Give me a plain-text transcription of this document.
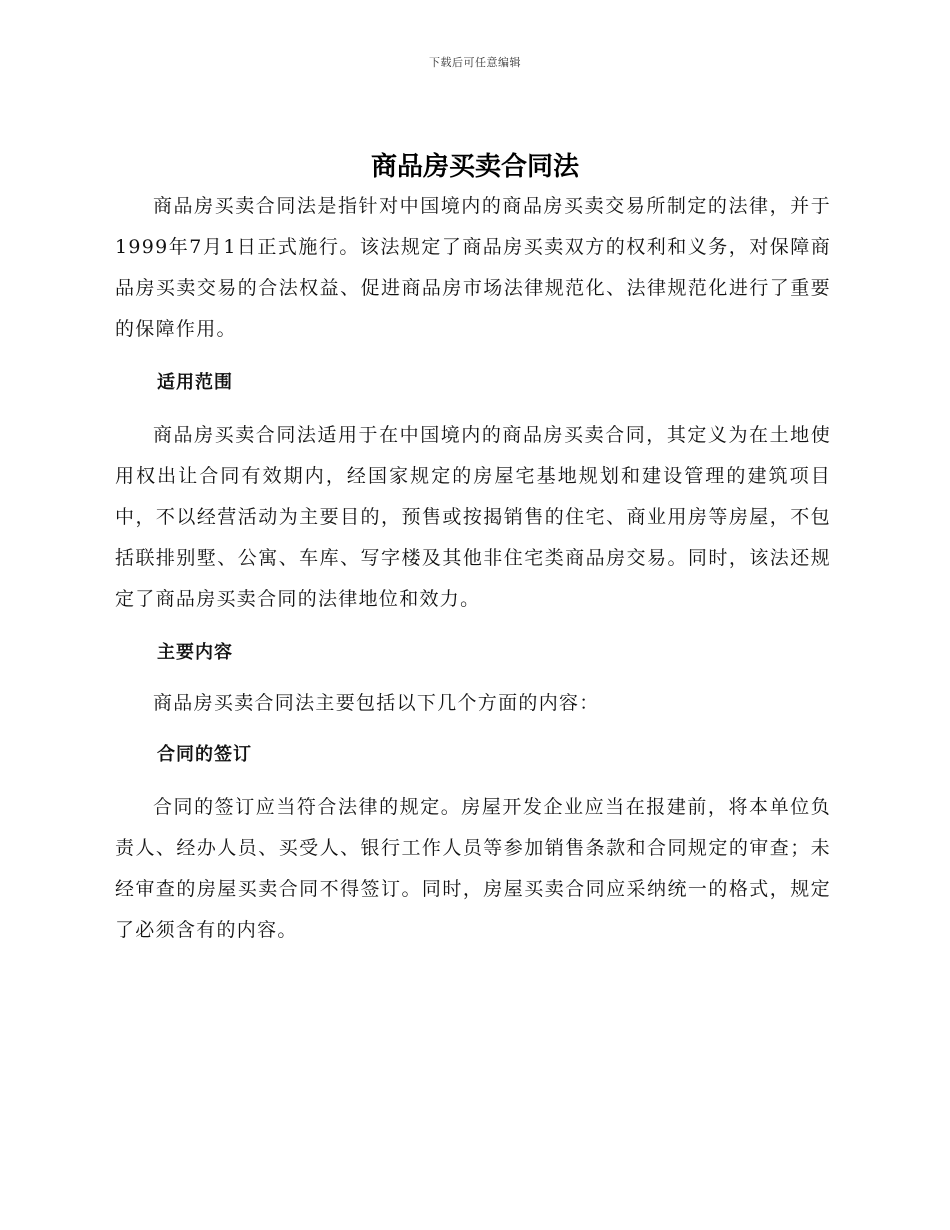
下载后可任意编辑
商品房买卖合同法

商品房买卖合同法是指针对中国境内的商品房买卖交易所制定的法律，并于1999年7月1日正式施行。该法规定了商品房买卖双方的权利和义务，对保障商品房买卖交易的合法权益、促进商品房市场法律规范化、法律规范化进行了重要的保障作用。

适用范围

商品房买卖合同法适用于在中国境内的商品房买卖合同，其定义为在土地使用权出让合同有效期内，经国家规定的房屋宅基地规划和建设管理的建筑项目中，不以经营活动为主要目的，预售或按揭销售的住宅、商业用房等房屋，不包括联排别墅、公寓、车库、写字楼及其他非住宅类商品房交易。同时，该法还规定了商品房买卖合同的法律地位和效力。

主要内容

商品房买卖合同法主要包括以下几个方面的内容：

合同的签订

合同的签订应当符合法律的规定。房屋开发企业应当在报建前，将本单位负责人、经办人员、买受人、银行工作人员等参加销售条款和合同规定的审查；未经审查的房屋买卖合同不得签订。同时，房屋买卖合同应采纳统一的格式，规定了必须含有的内容。
